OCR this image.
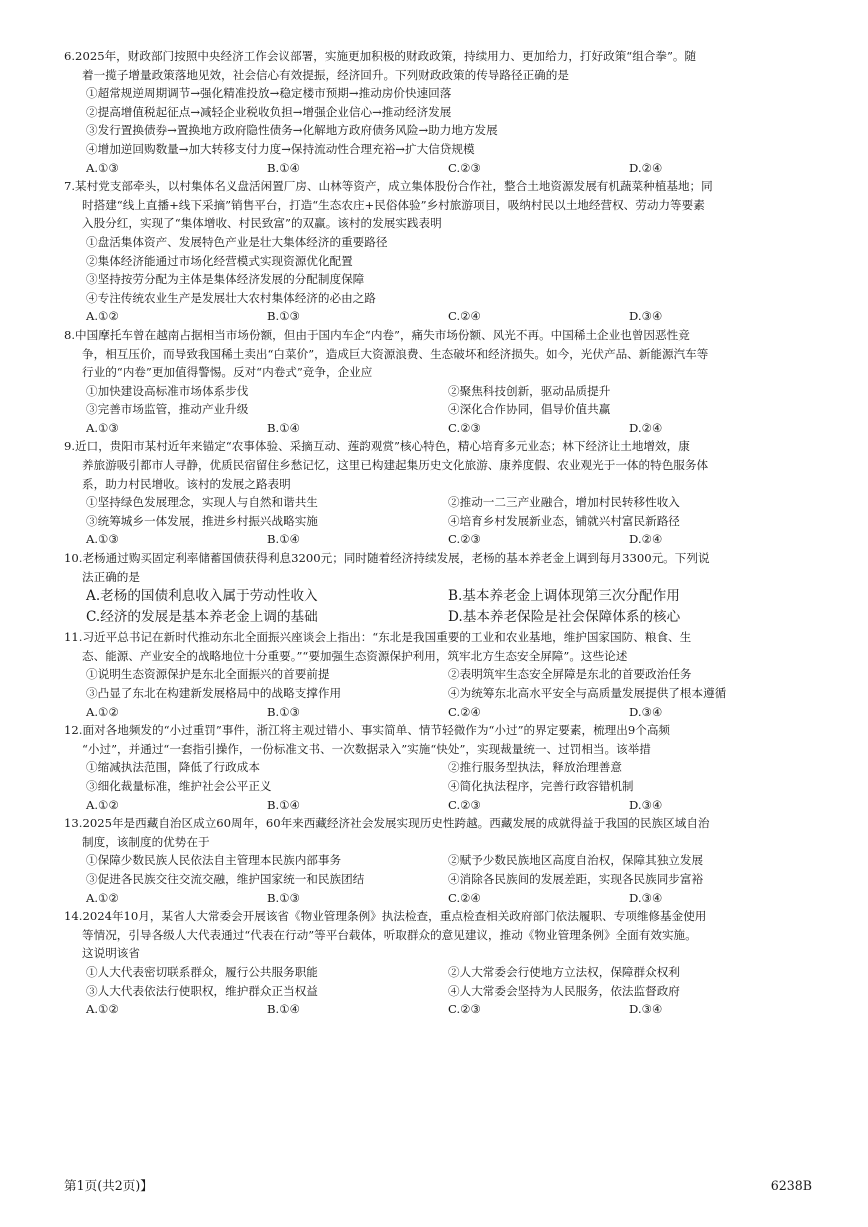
6.2025年，财政部门按照中央经济工作会议部署，实施更加积极的财政政策，持续用力、更加给力，打好政策“组合拳”。随
着一揽子增量政策落地见效，社会信心有效提振，经济回升。下列财政政策的传导路径正确的是
①超常规逆周期调节→强化精准投放→稳定楼市预期→推动房价快速回落
②提高增值税起征点→减轻企业税收负担→增强企业信心→推动经济发展
③发行置换债券→置换地方政府隐性债务→化解地方政府债务风险→助力地方发展
④增加逆回购数量→加大转移支付力度→保持流动性合理充裕→扩大信贷规模
A.①③	B.①④	C.②③	D.②④
7.某村党支部牵头，以村集体名义盘活闲置厂房、山林等资产，成立集体股份合作社，整合土地资源发展有机蔬菜种植基地；同
时搭建“线上直播+线下采摘”销售平台，打造“生态农庄+民俗体验”乡村旅游项目，吸纳村民以土地经营权、劳动力等要素
入股分红，实现了“集体增收、村民致富”的双赢。该村的发展实践表明
①盘活集体资产、发展特色产业是壮大集体经济的重要路径
②集体经济能通过市场化经营模式实现资源优化配置
③坚持按劳分配为主体是集体经济发展的分配制度保障
④专注传统农业生产是发展壮大农村集体经济的必由之路
A.①②	B.①③	C.②④	D.③④
8.中国摩托车曾在越南占据相当市场份额，但由于国内车企“内卷”，痛失市场份额、风光不再。中国稀土企业也曾因恶性竞
争，相互压价，而导致我国稀土卖出“白菜价”，造成巨大资源浪费、生态破坏和经济损失。如今，光伏产品、新能源汽车等
行业的“内卷”更加值得警惕。反对“内卷式”竞争，企业应
①加快建设高标准市场体系步伐	②聚焦科技创新，驱动品质提升
③完善市场监管，推动产业升级	④深化合作协同，倡导价值共赢
A.①③	B.①④	C.②③	D.②④
9.近口，贵阳市某村近年来锚定“农事体验、采摘互动、莲韵观赏”核心特色，精心培育多元业态；林下经济让土地增效，康
养旅游吸引都市人寻静，优质民宿留住乡愁记忆，这里已构建起集历史文化旅游、康养度假、农业观光于一体的特色服务体
系，助力村民增收。该村的发展之路表明
①坚持绿色发展理念，实现人与自然和谐共生	②推动一二三产业融合，增加村民转移性收入
③统筹城乡一体发展，推进乡村振兴战略实施	④培育乡村发展新业态，铺就兴村富民新路径
A.①③	B.①④	C.②③	D.②④
10.老杨通过购买固定利率储蓄国债获得利息3200元；同时随着经济持续发展，老杨的基本养老金上调到每月3300元。下列说
法正确的是
A.老杨的国债利息收入属于劳动性收入	B.基本养老金上调体现第三次分配作用
C.经济的发展是基本养老金上调的基础	D.基本养老保险是社会保障体系的核心
11.习近平总书记在新时代推动东北全面振兴座谈会上指出：“东北是我国重要的工业和农业基地，维护国家国防、粮食、生
态、能源、产业安全的战略地位十分重要。”“要加强生态资源保护利用，筑牢北方生态安全屏障”。这些论述
①说明生态资源保护是东北全面振兴的首要前提	②表明筑牢生态安全屏障是东北的首要政治任务
③凸显了东北在构建新发展格局中的战略支撑作用	④为统筹东北高水平安全与高质量发展提供了根本遵循
A.①②	B.①③	C.②④	D.③④
12.面对各地频发的“小过重罚”事件，浙江将主观过错小、事实简单、情节轻微作为“小过”的界定要素，梳理出9个高频
“小过”，并通过“一套指引操作，一份标准文书、一次数据录入”实施“快处”，实现裁量统一、过罚相当。该举措
①缩减执法范围，降低了行政成本	②推行服务型执法，释放治理善意
③细化裁量标准，维护社会公平正义	④简化执法程序，完善行政容错机制
A.①②	B.①④	C.②③	D.③④
13.2025年是西藏自治区成立60周年，60年来西藏经济社会发展实现历史性跨越。西藏发展的成就得益于我国的民族区域自治
制度，该制度的优势在于
①保障少数民族人民依法自主管理本民族内部事务	②赋予少数民族地区高度自治权，保障其独立发展
③促进各民族交往交流交融，维护国家统一和民族团结	④消除各民族间的发展差距，实现各民族同步富裕
A.①②	B.①③	C.②④	D.③④
14.2024年10月，某省人大常委会开展该省《物业管理条例》执法检查，重点检查相关政府部门依法履职、专项维修基金使用
等情况，引导各级人大代表通过“代表在行动”等平台载体，听取群众的意见建议，推动《物业管理条例》全面有效实施。
这说明该省
①人大代表密切联系群众，履行公共服务职能	②人大常委会行使地方立法权，保障群众权利
③人大代表依法行使职权，维护群众正当权益	④人大常委会坚持为人民服务，依法监督政府
A.①②	B.①④	C.②③	D.③④
第1页(共2页)】	6238B
